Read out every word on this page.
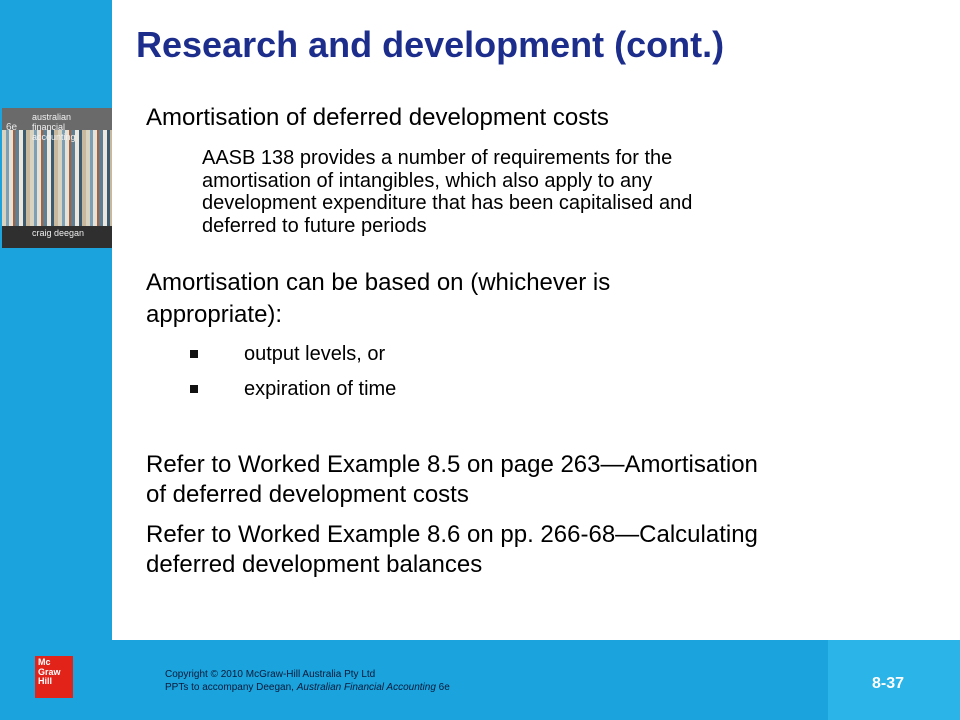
6e
australian
financial accounting
craig deegan
Research and development (cont.)

Amortisation of deferred development costs

AASB 138 provides a number of requirements for the

amortisation of intangibles, which also apply to any

development expenditure that has been capitalised and

deferred to future periods

Amortisation can be based on (whichever is

appropriate):

output levels, or

expiration of time

Refer to Worked Example 8.5 on page 263—Amortisation

of deferred development costs

Refer to Worked Example 8.6 on pp. 266-68—Calculating

deferred development balances

Mc
Graw
Hill
Copyright © 2010 McGraw-Hill Australia Pty Ltd
PPTs to accompany Deegan, Australian Financial Accounting 6e	8-37
